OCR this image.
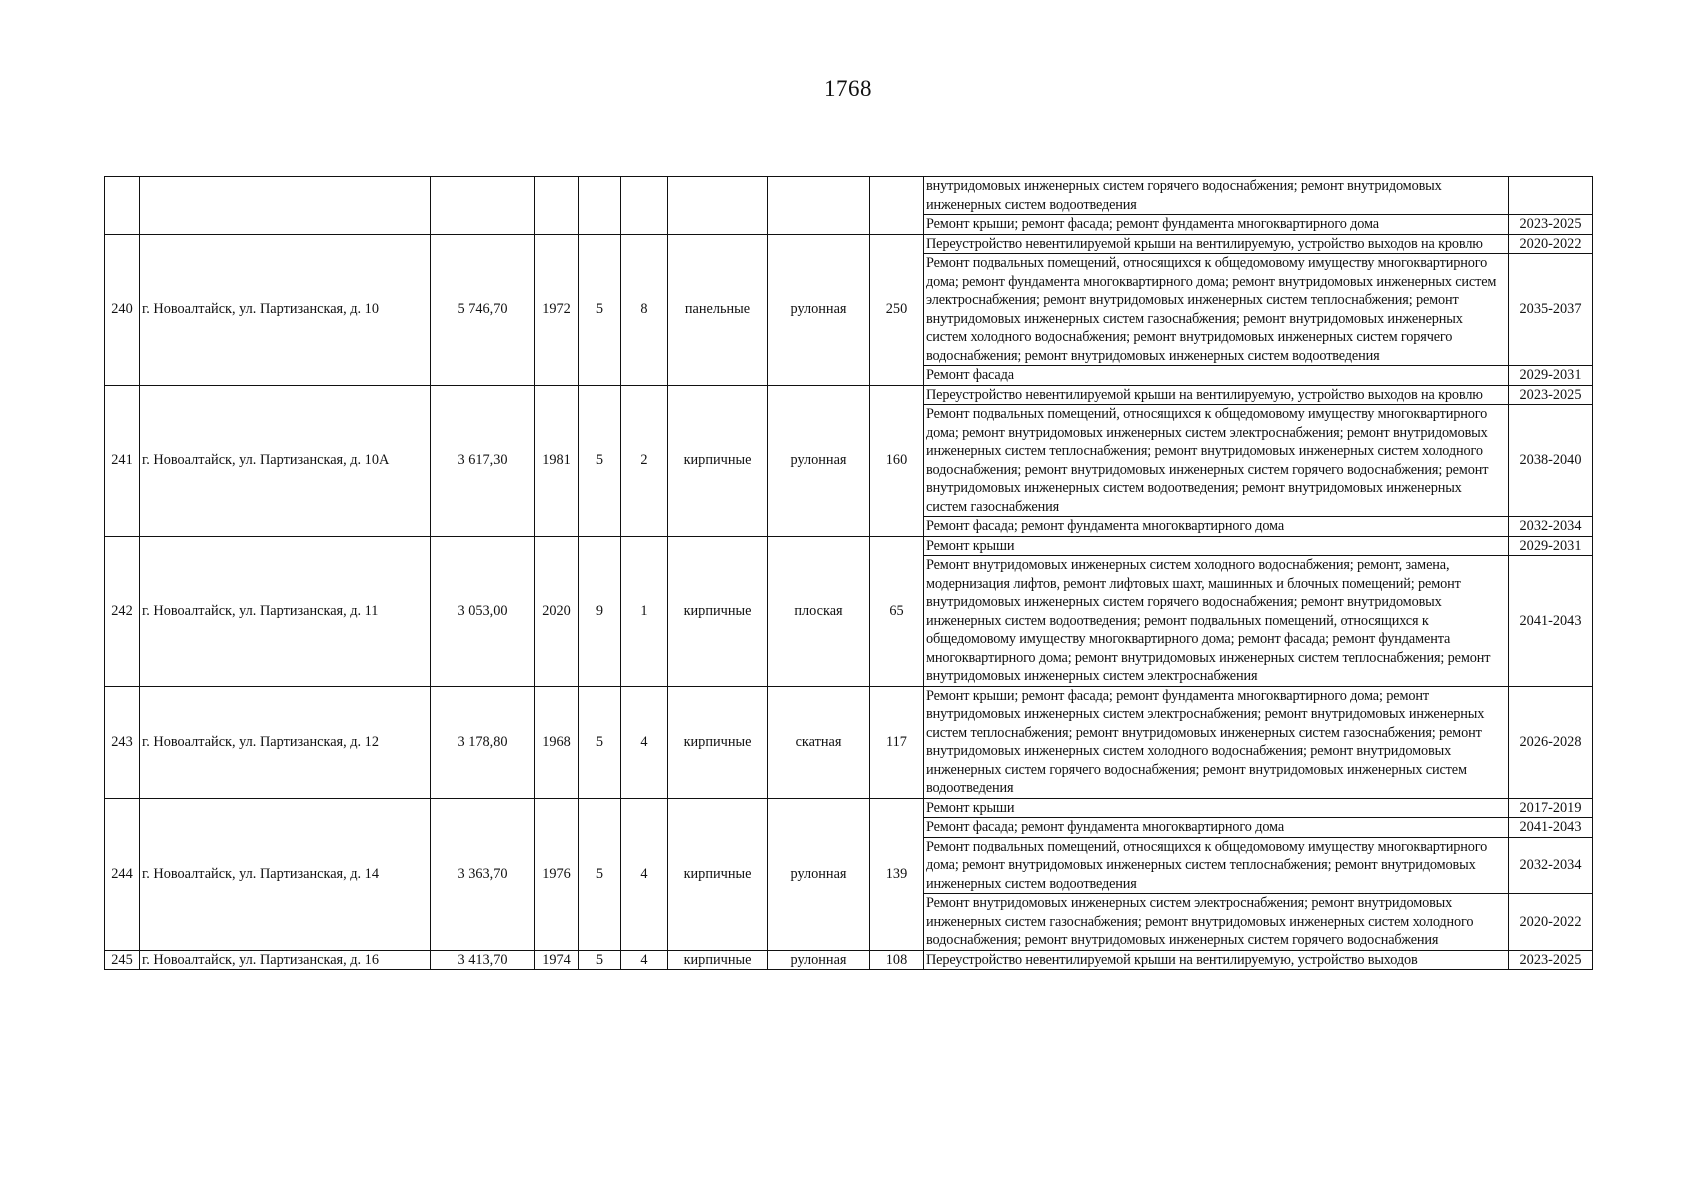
1768
									внутридомовых инженерных систем горячего водоснабжения; ремонт внутридомовых инженерных систем водоотведения	
									Ремонт крыши; ремонт фасада; ремонт фундамента многоквартирного дома	2023-2025
240	г. Новоалтайск, ул. Партизанская, д. 10	5 746,70	1972	5	8	панельные	рулонная	250	Переустройство невентилируемой крыши на вентилируемую, устройство выходов на кровлю	2020-2022
									Ремонт подвальных помещений, относящихся к общедомовому имуществу многоквартирного дома; ремонт фундамента многоквартирного дома; ремонт внутридомовых инженерных систем электроснабжения; ремонт внутридомовых инженерных систем теплоснабжения; ремонт внутридомовых инженерных систем газоснабжения; ремонт внутридомовых инженерных систем холодного водоснабжения; ремонт внутридомовых инженерных систем горячего водоснабжения; ремонт внутридомовых инженерных систем водоотведения	2035-2037
									Ремонт фасада	2029-2031
241	г. Новоалтайск, ул. Партизанская, д. 10А	3 617,30	1981	5	2	кирпичные	рулонная	160	Переустройство невентилируемой крыши на вентилируемую, устройство выходов на кровлю	2023-2025
									Ремонт подвальных помещений, относящихся к общедомовому имуществу многоквартирного дома; ремонт внутридомовых инженерных систем электроснабжения; ремонт внутридомовых инженерных систем теплоснабжения; ремонт внутридомовых инженерных систем холодного водоснабжения; ремонт внутридомовых инженерных систем горячего водоснабжения; ремонт внутридомовых инженерных систем водоотведения; ремонт внутридомовых инженерных систем газоснабжения	2038-2040
									Ремонт фасада; ремонт фундамента многоквартирного дома	2032-2034
242	г. Новоалтайск, ул. Партизанская, д. 11	3 053,00	2020	9	1	кирпичные	плоская	65	Ремонт крыши	2029-2031
									Ремонт внутридомовых инженерных систем холодного водоснабжения; ремонт, замена, модернизация лифтов, ремонт лифтовых шахт, машинных и блочных помещений; ремонт внутридомовых инженерных систем горячего водоснабжения; ремонт внутридомовых инженерных систем водоотведения; ремонт подвальных помещений, относящихся к общедомовому имуществу многоквартирного дома; ремонт фасада; ремонт фундамента многоквартирного дома; ремонт внутридомовых инженерных систем теплоснабжения; ремонт внутридомовых инженерных систем электроснабжения	2041-2043
243	г. Новоалтайск, ул. Партизанская, д. 12	3 178,80	1968	5	4	кирпичные	скатная	117	Ремонт крыши; ремонт фасада; ремонт фундамента многоквартирного дома; ремонт внутридомовых инженерных систем электроснабжения; ремонт внутридомовых инженерных систем теплоснабжения; ремонт внутридомовых инженерных систем газоснабжения; ремонт внутридомовых инженерных систем холодного водоснабжения; ремонт внутридомовых инженерных систем горячего водоснабжения; ремонт внутридомовых инженерных систем водоотведения	2026-2028
244	г. Новоалтайск, ул. Партизанская, д. 14	3 363,70	1976	5	4	кирпичные	рулонная	139	Ремонт крыши	2017-2019
									Ремонт фасада; ремонт фундамента многоквартирного дома	2041-2043
									Ремонт подвальных помещений, относящихся к общедомовому имуществу многоквартирного дома; ремонт внутридомовых инженерных систем теплоснабжения; ремонт внутридомовых инженерных систем водоотведения	2032-2034
									Ремонт внутридомовых инженерных систем электроснабжения; ремонт внутридомовых инженерных систем газоснабжения; ремонт внутридомовых инженерных систем холодного водоснабжения; ремонт внутридомовых инженерных систем горячего водоснабжения	2020-2022
245	г. Новоалтайск, ул. Партизанская, д. 16	3 413,70	1974	5	4	кирпичные	рулонная	108	Переустройство невентилируемой крыши на вентилируемую, устройство выходов	2023-2025
